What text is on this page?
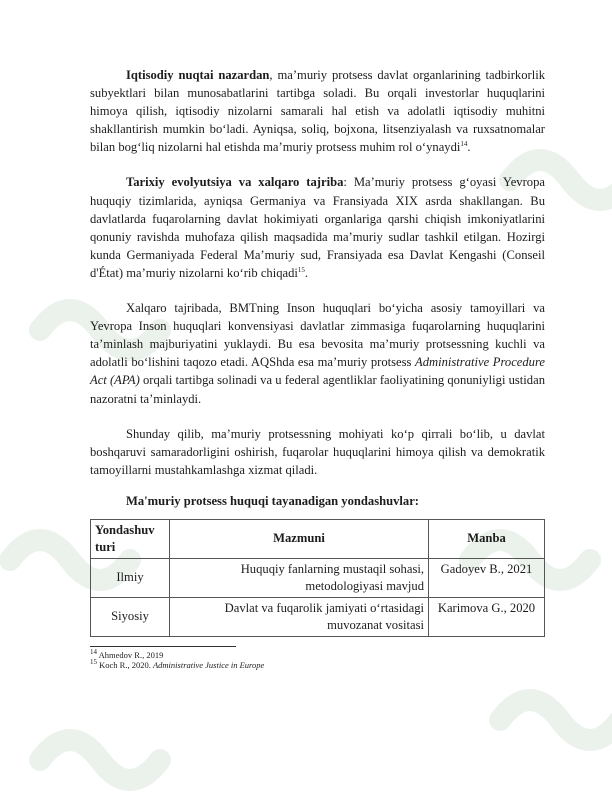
Iqtisodiy nuqtai nazardan, ma’muriy protsess davlat organlarining tadbirkorlik subyektlari bilan munosabatlarini tartibga soladi. Bu orqali investorlar huquqlarini himoya qilish, iqtisodiy nizolarni samarali hal etish va adolatli iqtisodiy muhitni shakllantirish mumkin bo‘ladi. Ayniqsa, soliq, bojxona, litsenziyalash va ruxsatnomalar bilan bog‘liq nizolarni hal etishda ma’muriy protsess muhim rol o‘ynaydi$^{14}$.

Tarixiy evolyutsiya va xalqaro tajriba: Ma’muriy protsess g‘oyasi Yevropa huquqiy tizimlarida, ayniqsa Germaniya va Fransiyada XIX asrda shakllangan. Bu davlatlarda fuqarolarning davlat hokimiyati organlariga qarshi chiqish imkoniyatlarini qonuniy ravishda muhofaza qilish maqsadida ma’muriy sudlar tashkil etilgan. Hozirgi kunda Germaniyada Federal Ma’muriy sud, Fransiyada esa Davlat Kengashi (Conseil d'État) ma’muriy nizolarni ko‘rib chiqadi$^{15}$.

Xalqaro tajribada, BMTning Inson huquqlari bo‘yicha asosiy tamoyillari va Yevropa Inson huquqlari konvensiyasi davlatlar zimmasiga fuqarolarning huquqlarini ta’minlash majburiyatini yuklaydi. Bu esa bevosita ma’muriy protsessning kuchli va adolatli bo‘lishini taqozo etadi. AQShda esa ma’muriy protsess Administrative Procedure Act (APA) orqali tartibga solinadi va u federal agentliklar faoliyatining qonuniyligi ustidan nazoratni ta’minlaydi.

Shunday qilib, ma’muriy protsessning mohiyati ko‘p qirrali bo‘lib, u davlat boshqaruvi samaradorligini oshirish, fuqarolar huquqlarini himoya qilish va demokratik tamoyillarni mustahkamlashga xizmat qiladi.

Ma'muriy protsess huquqi tayanadigan yondashuvlar:
Yondashuv turi	Mazmuni	Manba
Ilmiy	Huquqiy fanlarning mustaqil sohasi, metodologiyasi mavjud	Gadoyev B., 2021
Siyosiy	Davlat va fuqarolik jamiyati o‘rtasidagi muvozanat vositasi	Karimova G., 2020
$^{14}$ Ahmedov R., 2019
$^{15}$ Koch R., 2020. Administrative Justice in Europe
